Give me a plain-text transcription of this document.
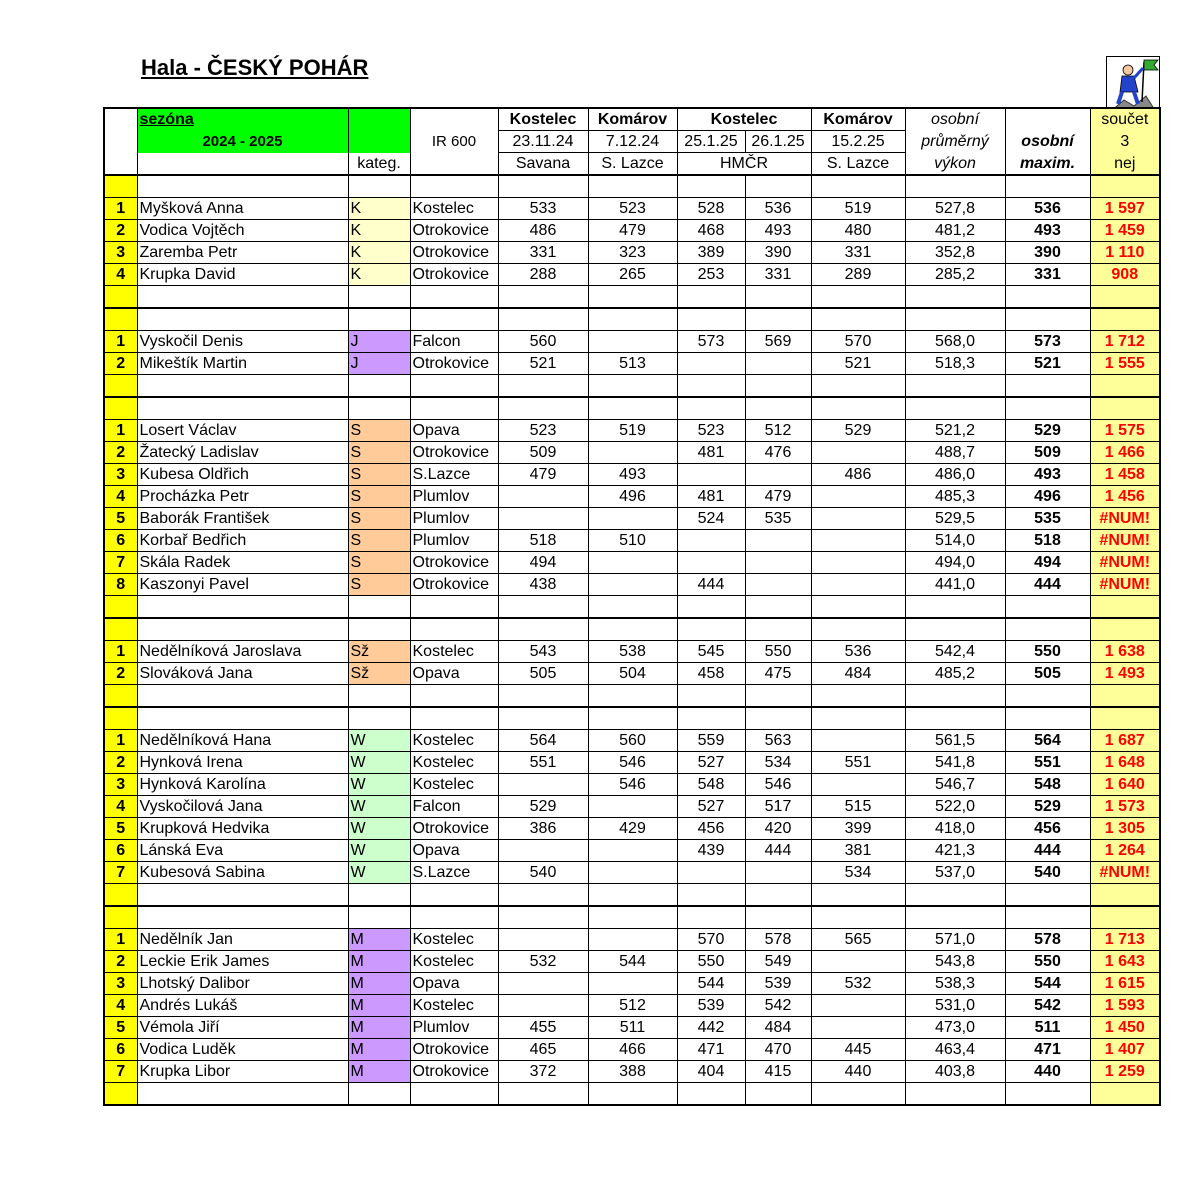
Hala - ČESKÝ POHÁR
	sezóna			Kostelec	Komárov	Kostelec		Komárov	osobní		součet
	2024 - 2025		IR 600	23.11.24	7.12.24	25.1.25	26.1.25	15.2.25	průměrný	osobní	3
		kateg.		Savana	S. Lazce	HMČR		S. Lazce	výkon	maxim.	nej

1	Myšková Anna	K	Kostelec	533	523	528	536	519	527,8	536	1 597
2	Vodica Vojtěch	K	Otrokovice	486	479	468	493	480	481,2	493	1 459
3	Zaremba Petr	K	Otrokovice	331	323	389	390	331	352,8	390	1 110
4	Krupka David	K	Otrokovice	288	265	253	331	289	285,2	331	908

1	Vyskočil Denis	J	Falcon	560		573	569	570	568,0	573	1 712
2	Mikeštík Martin	J	Otrokovice	521	513			521	518,3	521	1 555

1	Losert Václav	S	Opava	523	519	523	512	529	521,2	529	1 575
2	Žatecký Ladislav	S	Otrokovice	509		481	476		488,7	509	1 466
3	Kubesa Oldřich	S	S.Lazce	479	493			486	486,0	493	1 458
4	Procházka Petr	S	Plumlov		496	481	479		485,3	496	1 456
5	Baborák František	S	Plumlov			524	535		529,5	535	#NUM!
6	Korbař Bedřich	S	Plumlov	518	510				514,0	518	#NUM!
7	Skála Radek	S	Otrokovice	494					494,0	494	#NUM!
8	Kaszonyi Pavel	S	Otrokovice	438		444			441,0	444	#NUM!

1	Nedělníková Jaroslava	Sž	Kostelec	543	538	545	550	536	542,4	550	1 638
2	Slováková Jana	Sž	Opava	505	504	458	475	484	485,2	505	1 493

1	Nedělníková Hana	W	Kostelec	564	560	559	563		561,5	564	1 687
2	Hynková Irena	W	Kostelec	551	546	527	534	551	541,8	551	1 648
3	Hynková Karolína	W	Kostelec		546	548	546		546,7	548	1 640
4	Vyskočilová Jana	W	Falcon	529		527	517	515	522,0	529	1 573
5	Krupková Hedvika	W	Otrokovice	386	429	456	420	399	418,0	456	1 305
6	Lánská Eva	W	Opava			439	444	381	421,3	444	1 264
7	Kubesová Sabina	W	S.Lazce	540				534	537,0	540	#NUM!

1	Nedělník Jan	M	Kostelec			570	578	565	571,0	578	1 713
2	Leckie Erik James	M	Kostelec	532	544	550	549		543,8	550	1 643
3	Lhotský Dalibor	M	Opava			544	539	532	538,3	544	1 615
4	Andrés Lukáš	M	Kostelec		512	539	542		531,0	542	1 593
5	Vémola Jiří	M	Plumlov	455	511	442	484		473,0	511	1 450
6	Vodica Luděk	M	Otrokovice	465	466	471	470	445	463,4	471	1 407
7	Krupka Libor	M	Otrokovice	372	388	404	415	440	403,8	440	1 259
